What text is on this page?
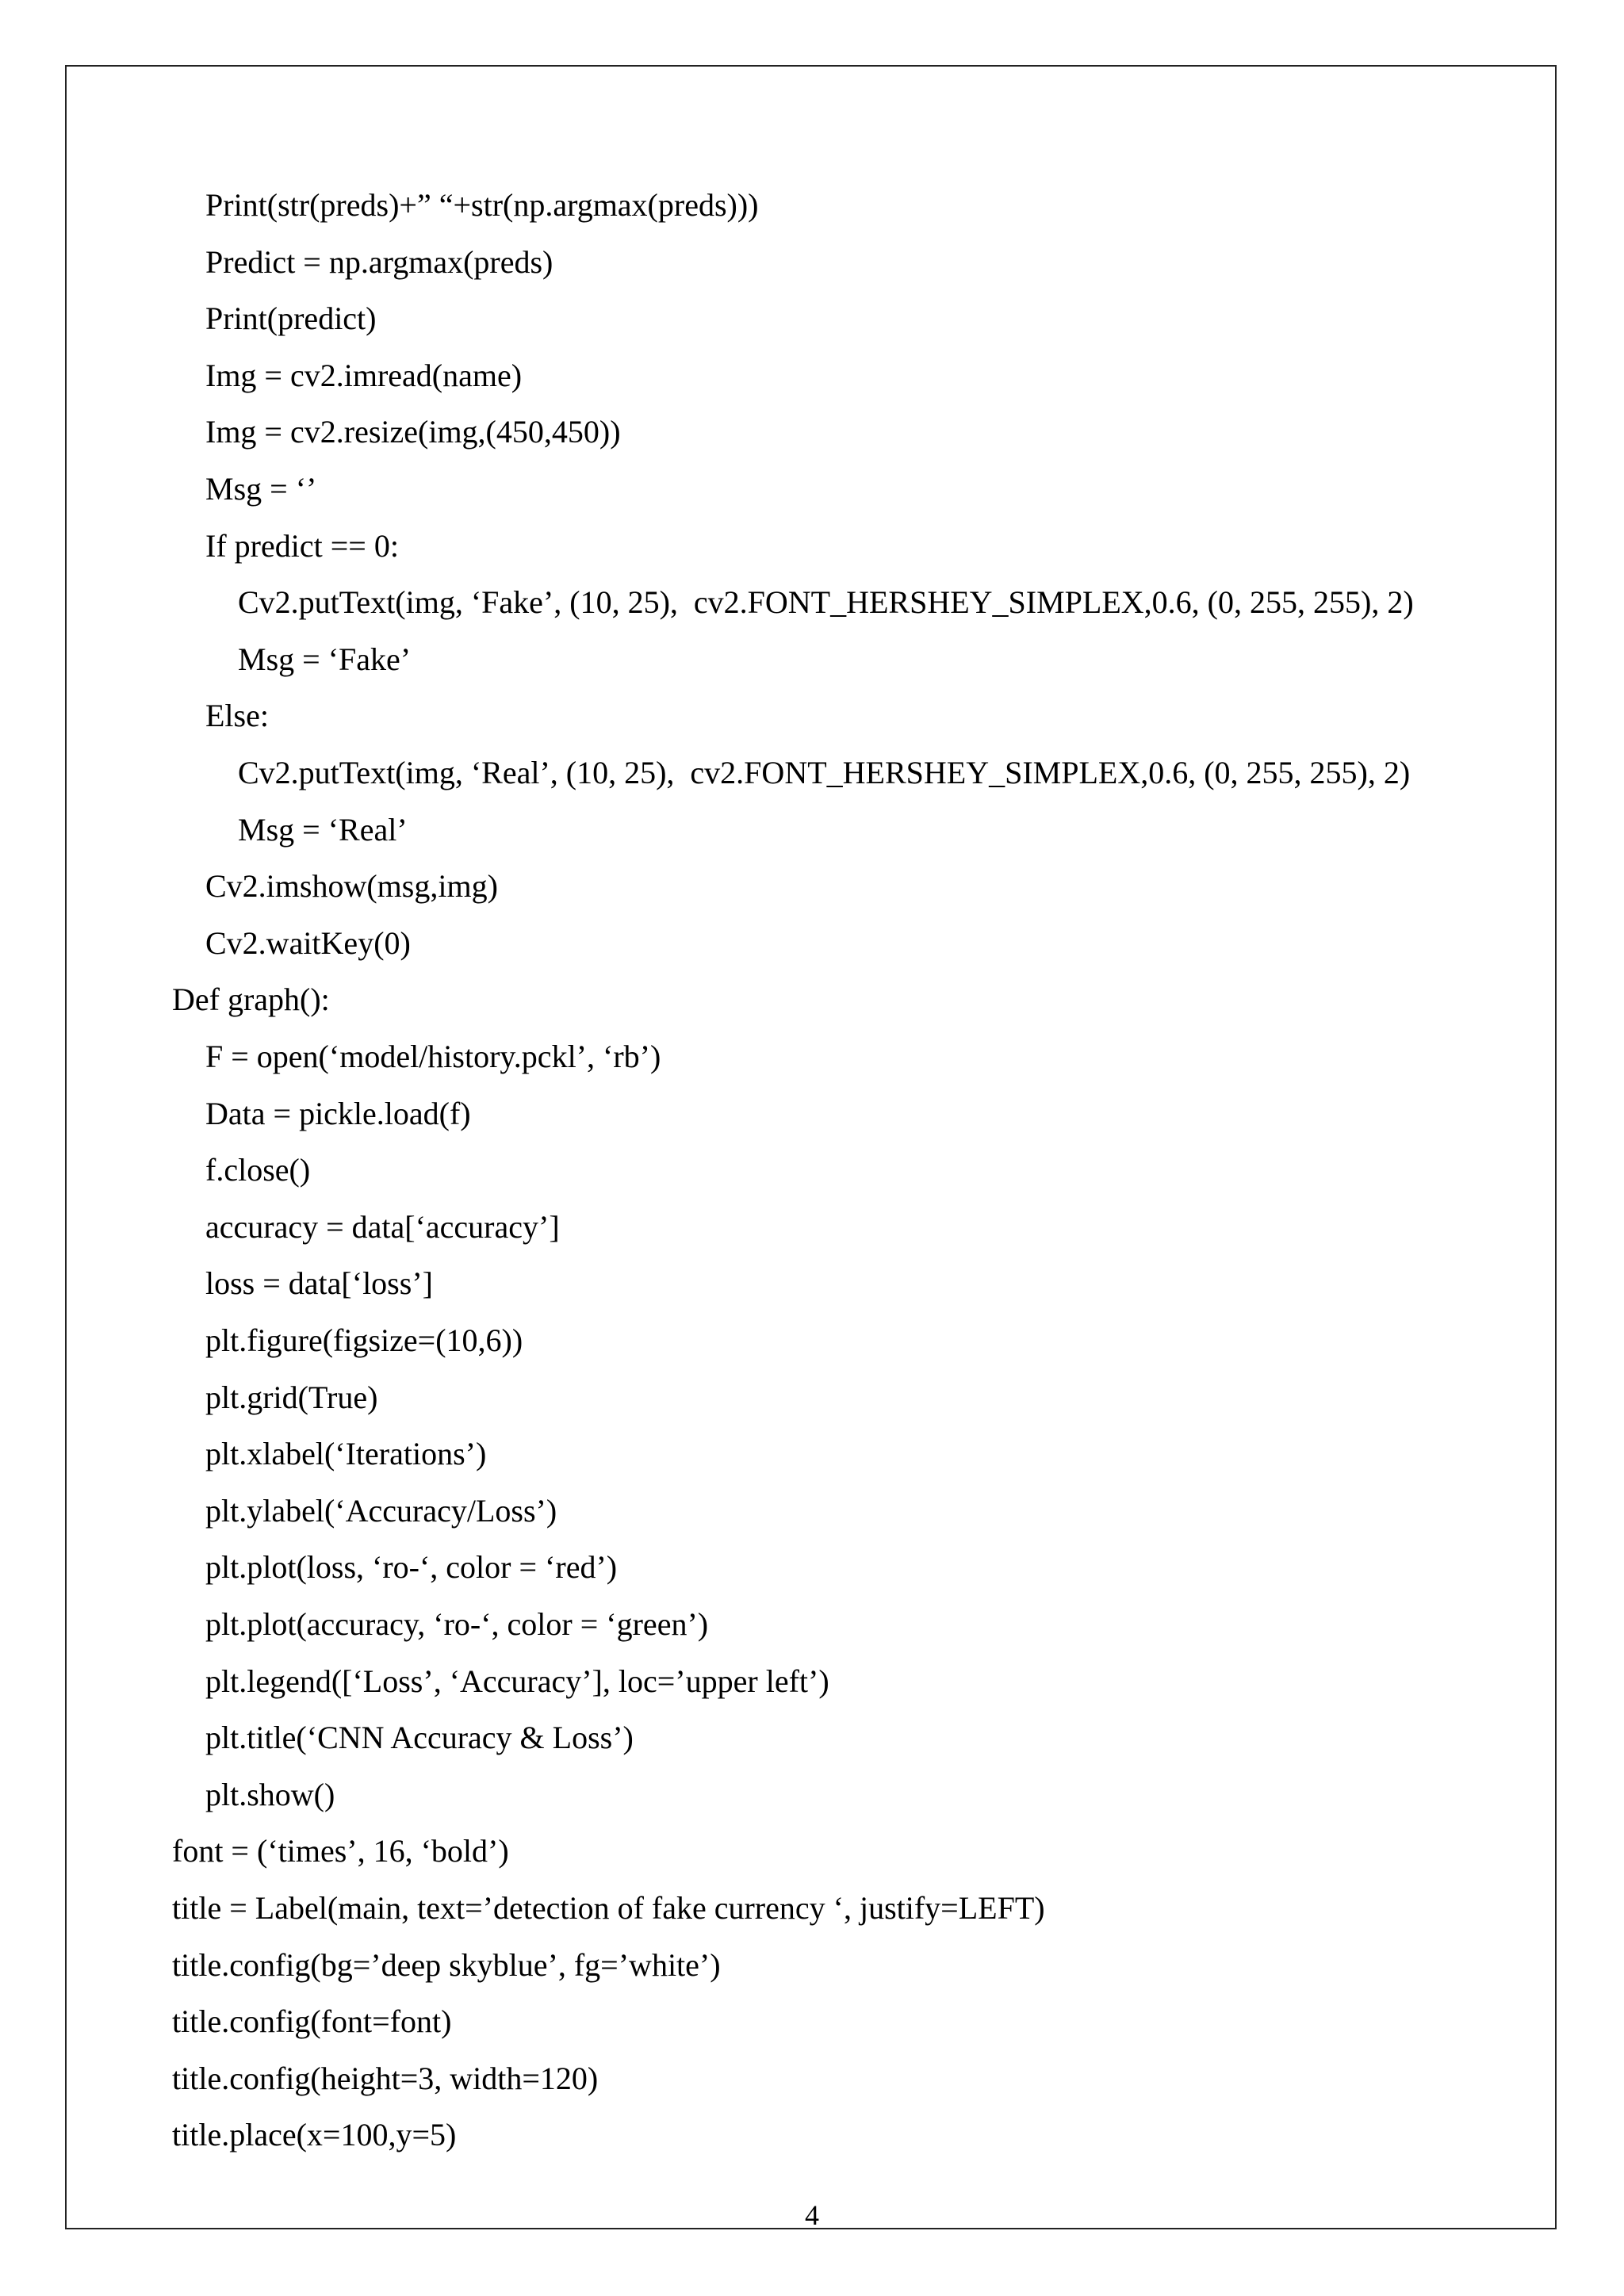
Print(str(preds)+” “+str(np.argmax(preds)))
Predict = np.argmax(preds)
Print(predict)
Img = cv2.imread(name)
Img = cv2.resize(img,(450,450))
Msg = ‘’
If predict == 0:
Cv2.putText(img, ‘Fake’, (10, 25),  cv2.FONT_HERSHEY_SIMPLEX,0.6, (0, 255, 255), 2)
Msg = ‘Fake’
Else:
Cv2.putText(img, ‘Real’, (10, 25),  cv2.FONT_HERSHEY_SIMPLEX,0.6, (0, 255, 255), 2)
Msg = ‘Real’
Cv2.imshow(msg,img)
Cv2.waitKey(0)
Def graph():
F = open(‘model/history.pckl’, ‘rb’)
Data = pickle.load(f)
f.close()
accuracy = data[‘accuracy’]
loss = data[‘loss’]
plt.figure(figsize=(10,6))
plt.grid(True)
plt.xlabel(‘Iterations’)
plt.ylabel(‘Accuracy/Loss’)
plt.plot(loss, ‘ro-‘, color = ‘red’)
plt.plot(accuracy, ‘ro-‘, color = ‘green’)
plt.legend([‘Loss’, ‘Accuracy’], loc=’upper left’)
plt.title(‘CNN Accuracy & Loss’)
plt.show()
font = (‘times’, 16, ‘bold’)
title = Label(main, text=’detection of fake currency ‘, justify=LEFT)
title.config(bg=’deep skyblue’, fg=’white’)
title.config(font=font)
title.config(height=3, width=120)
title.place(x=100,y=5)
4
